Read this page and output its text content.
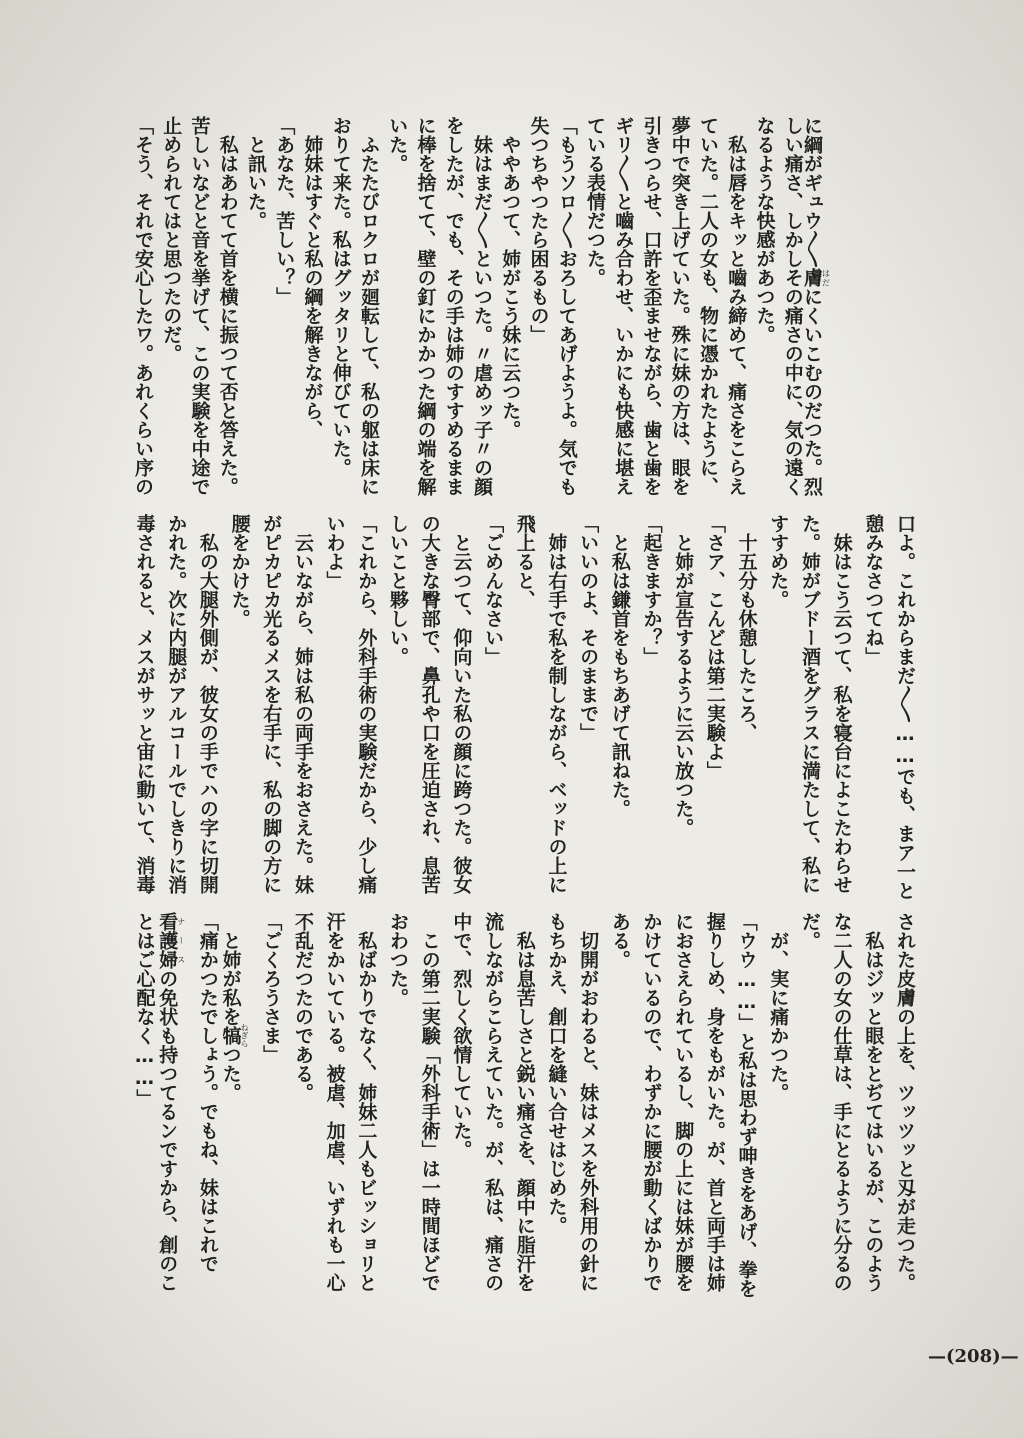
に綱がギュウ〳〵膚はだにくいこむのだつた。烈
しい痛さ、しかしその痛さの中に、気の遠く
なるような快感があつた。
　私は唇をキッと嚙み締めて、痛さをこらえ
ていた。二人の女も、物に憑かれたように、
夢中で突き上げていた。殊に妹の方は、眼を
引きつらせ、口許を歪ませながら、歯と歯を
ギリ〳〵と嚙み合わせ、いかにも快感に堪え
ている表情だつた。
「もうソロ〳〵おろしてあげようよ。気でも
失つちやつたら困るもの」
　ややあつて、姉がこう妹に云つた。
　妹はまだ〳〵といつた。〃虐めッ子〃の顔
をしたが、でも、その手は姉のすすめるまま
に棒を捨てて、壁の釘にかかつた綱の端を解
いた。
　ふたたびロクロが廻転して、私の躯は床に
おりて来た。私はグッタリと伸びていた。
　姉妹はすぐと私の綱を解きながら、
「あなた、苦しい？」
　と訊いた。
　私はあわてて首を横に振つて否と答えた。
苦しいなどと音を挙げて、この実験を中途で
止められてはと思つたのだ。
「そう、それで安心したワ。あれくらい序の
口よ。これからまだ〳〵……でも、まア一と
憩みなさつてね」
　妹はこう云つて、私を寝台によこたわらせ
た。姉がブドー酒をグラスに満たして、私に
すすめた。
　十五分も休憩したころ、
「さア、こんどは第二実験よ」
　と姉が宣告するように云い放つた。
「起きますか？」
　と私は鎌首をもちあげて訊ねた。
「いいのよ、そのままで」
　姉は右手で私を制しながら、ベッドの上に
飛上ると、
「ごめんなさい」
　と云つて、仰向いた私の顔に跨つた。彼女
の大きな臀部で、鼻孔や口を圧迫され、息苦
しいこと夥しい。
「これから、外科手術の実験だから、少し痛
いわよ」
　云いながら、姉は私の両手をおさえた。妹
がピカピカ光るメスを右手に、私の脚の方に
腰をかけた。
　私の大腿外側が、彼女の手でハの字に切開
かれた。次に内腿がアルコールでしきりに消
毒されると、メスがサッと宙に動いて、消毒
された皮膚の上を、ツッツッと刄が走つた。
　私はジッと眼をとぢてはいるが、このよう
な二人の女の仕草は、手にとるように分るの
だ。
　が、実に痛かつた。
「ウウ……」と私は思わず呻きをあげ、拳を
握りしめ、身をもがいた。が、首と両手は姉
におさえられているし、脚の上には妹が腰を
かけているので、わずかに腰が動くばかりで
ある。
　切開がおわると、妹はメスを外科用の針に
もちかえ、創口を縫い合せはじめた。
　私は息苦しさと鋭い痛さを、顔中に脂汗を
流しながらこらえていた。が、私は、痛さの
中で、烈しく欲情していた。
　この第二実験「外科手術」は一時間ほどで
おわつた。
　私ばかりでなく、姉妹二人もビッショリと
汗をかいている。被虐、加虐、いずれも一心
不乱だつたのである。
「ごくろうさま」
　と姉が私を犒ねぎらつた。
「痛かつたでしょう。でもね、妹はこれで
看護婦ナースの免状も持つてるンですから、創のこ
とはご心配なく……」
—(208)—
